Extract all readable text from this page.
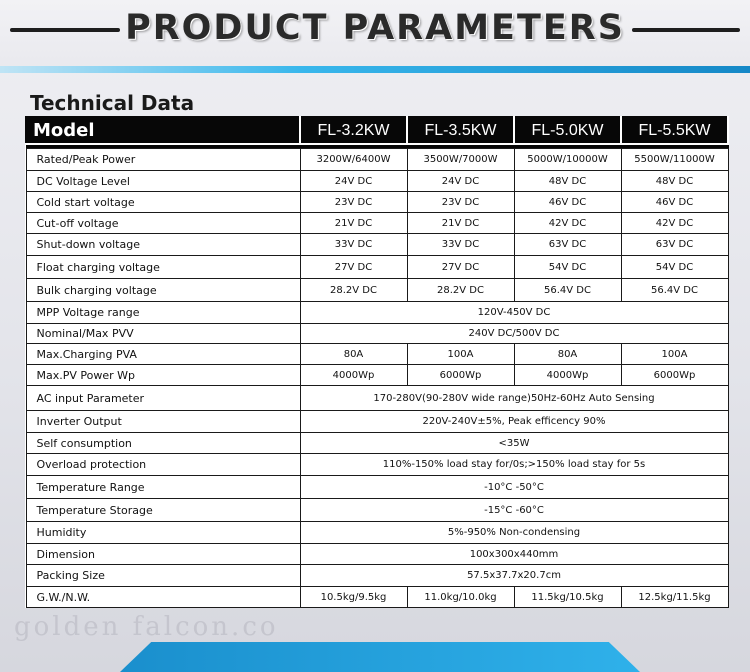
PRODUCT PARAMETERS
Technical Data
Model	FL-3.2KW	FL-3.5KW	FL-5.0KW	FL-5.5KW

Rated/Peak Power	3200W/6400W	3500W/7000W	5000W/10000W	5500W/11000W
DC Voltage Level	24V DC	24V DC	48V DC	48V DC
Cold start voltage	23V DC	23V DC	46V DC	46V DC
Cut-off voltage	21V DC	21V DC	42V DC	42V DC
Shut-down voltage	33V DC	33V DC	63V DC	63V DC
Float charging voltage	27V DC	27V DC	54V DC	54V DC
Bulk charging voltage	28.2V DC	28.2V DC	56.4V DC	56.4V DC
MPP Voltage range	120V-450V DC			
Nominal/Max PVV	240V DC/500V DC			
Max.Charging PVA	80A	100A	80A	100A
Max.PV Power Wp	4000Wp	6000Wp	4000Wp	6000Wp
AC input Parameter	170-280V(90-280V wide range)50Hz-60Hz Auto Sensing			
Inverter Output	220V-240V±5%, Peak efficency 90%			
Self consumption	<35W			
Overload protection	110%-150% load stay for/0s;>150% load stay for 5s			
Temperature Range	-10°C -50°C			
Temperature Storage	-15°C -60°C			
Humidity	5%-950% Non-condensing			
Dimension	100x300x440mm			
Packing Size	57.5x37.7x20.7cm			
G.W./N.W.	10.5kg/9.5kg	11.0kg/10.0kg	11.5kg/10.5kg	12.5kg/11.5kg
golden falcon.co
